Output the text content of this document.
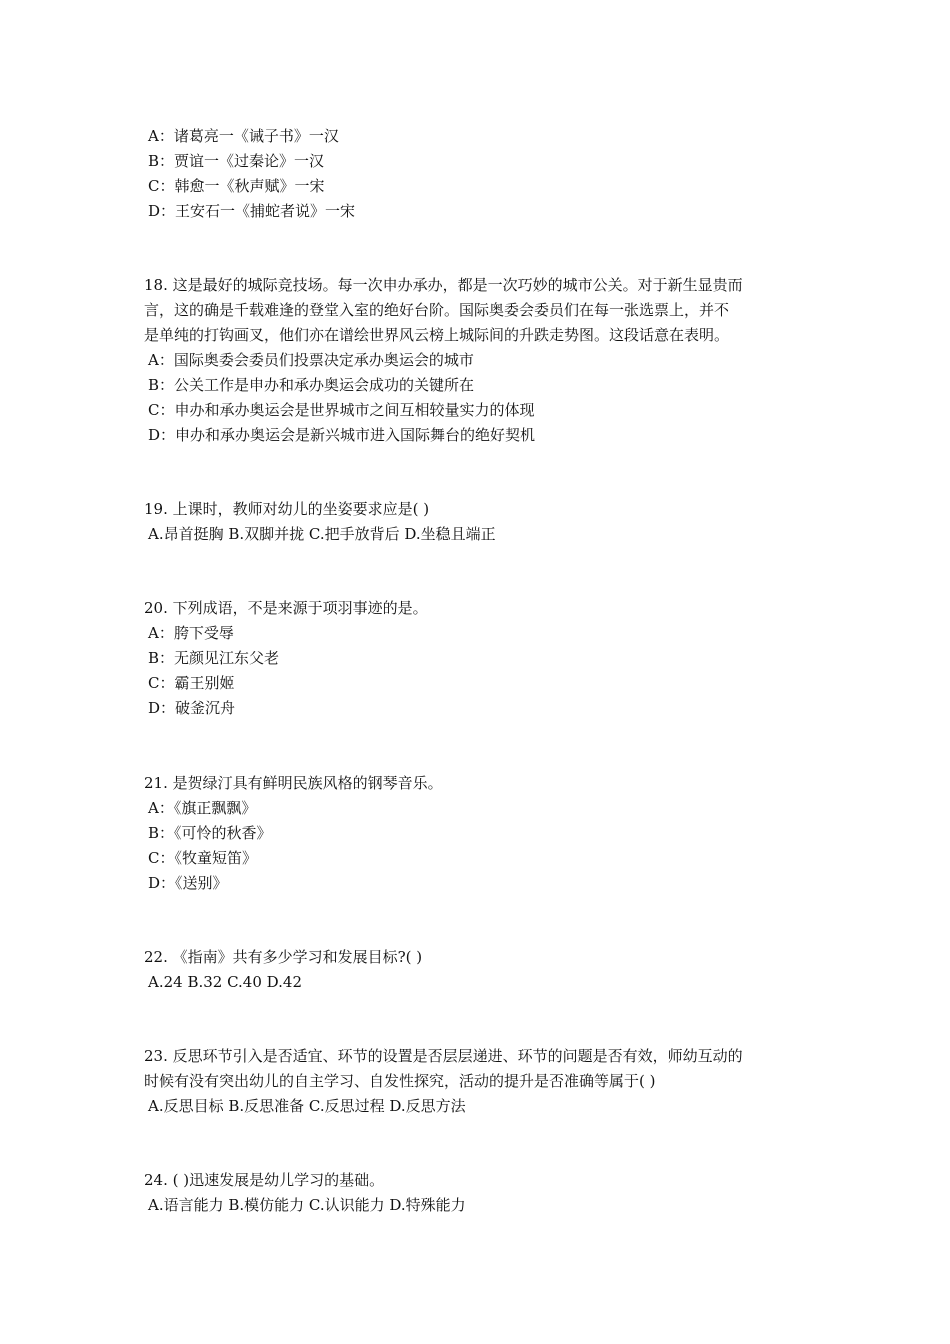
A：诸葛亮一《诫子书》一汉
B：贾谊一《过秦论》一汉
C：韩愈一《秋声赋》一宋
D：王安石一《捕蛇者说》一宋
18. 这是最好的城际竞技场。每一次申办承办，都是一次巧妙的城市公关。对于新生显贵而
言，这的确是千载难逢的登堂入室的绝好台阶。国际奥委会委员们在每一张选票上，并不
是单纯的打钩画叉，他们亦在谱绘世界风云榜上城际间的升跌走势图。这段话意在表明。
A：国际奥委会委员们投票决定承办奥运会的城市
B：公关工作是申办和承办奥运会成功的关键所在
C：申办和承办奥运会是世界城市之间互相较量实力的体现
D：申办和承办奥运会是新兴城市进入国际舞台的绝好契机
19. 上课时，教师对幼儿的坐姿要求应是( )
A.昂首挺胸 B.双脚并拢 C.把手放背后 D.坐稳且端正
20. 下列成语，不是来源于项羽事迹的是。
A：胯下受辱
B：无颜见江东父老
C：霸王别姬
D：破釜沉舟
21. 是贺绿汀具有鲜明民族风格的钢琴音乐。
A：《旗正飘飘》
B：《可怜的秋香》
C：《牧童短笛》
D：《送别》
22. 《指南》共有多少学习和发展目标?( )
A.24 B.32 C.40 D.42
23. 反思环节引入是否适宜、环节的设置是否层层递进、环节的问题是否有效，师幼互动的
时候有没有突出幼儿的自主学习、自发性探究，活动的提升是否准确等属于( )
A.反思目标 B.反思准备 C.反思过程 D.反思方法
24. ( )迅速发展是幼儿学习的基础。
A.语言能力 B.模仿能力 C.认识能力 D.特殊能力
